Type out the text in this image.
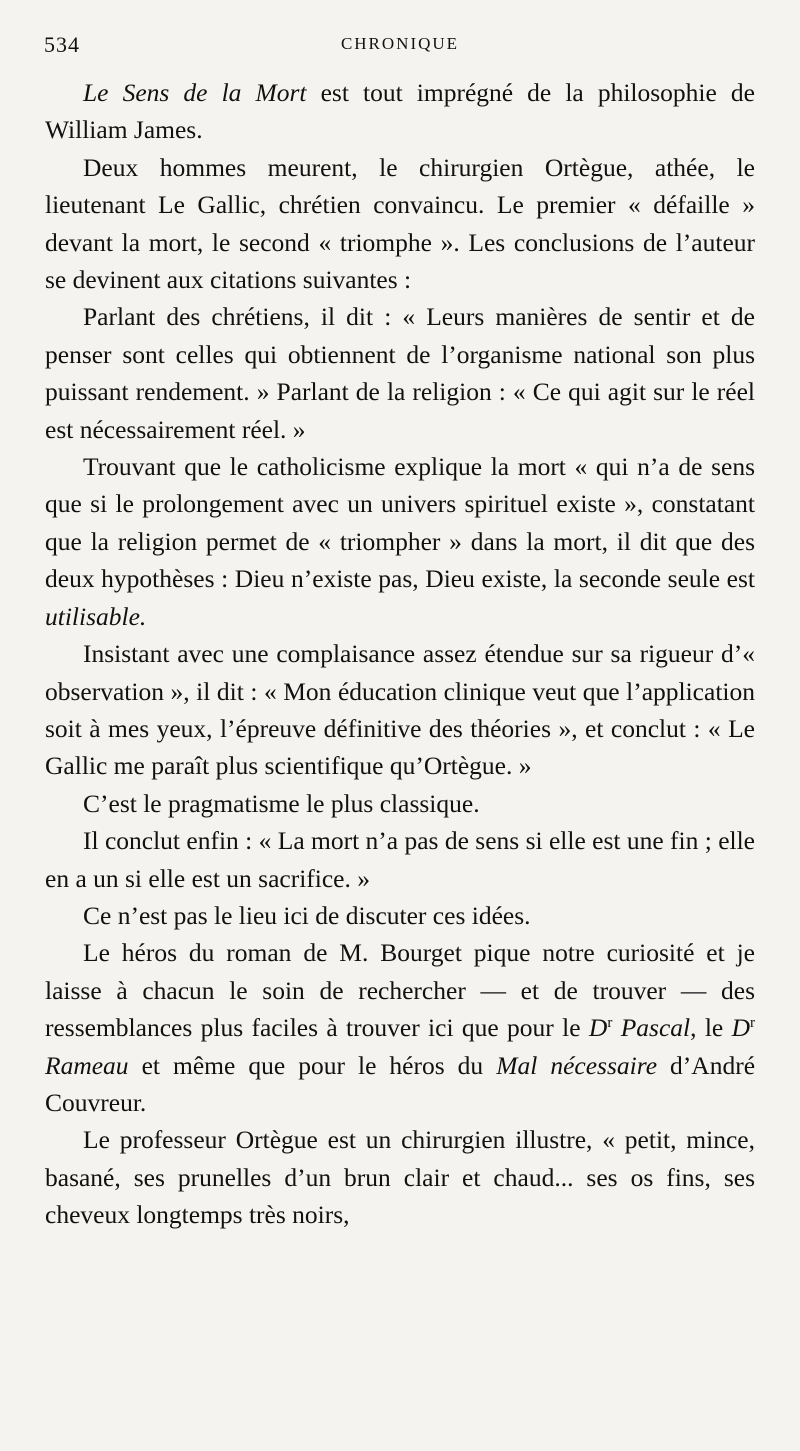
534	CHRONIQUE

Le Sens de la Mort est tout imprégné de la philosophie de William James.

Deux hommes meurent, le chirurgien Ortègue, athée, le lieutenant Le Gallic, chrétien convaincu. Le premier « défaille » devant la mort, le second « triomphe ». Les conclusions de l’auteur se devinent aux citations suivantes :

Parlant des chrétiens, il dit : « Leurs manières de sentir et de penser sont celles qui obtiennent de l’organisme national son plus puissant rendement. » Parlant de la religion : « Ce qui agit sur le réel est nécessairement réel. »

Trouvant que le catholicisme explique la mort « qui n’a de sens que si le prolongement avec un univers spirituel existe », constatant que la religion permet de « triompher » dans la mort, il dit que des deux hypothèses : Dieu n’existe pas, Dieu existe, la seconde seule est utilisable.

Insistant avec une complaisance assez étendue sur sa rigueur d’« observation », il dit : « Mon éducation clinique veut que l’application soit à mes yeux, l’épreuve définitive des théories », et conclut : « Le Gallic me paraît plus scientifique qu’Ortègue. »

C’est le pragmatisme le plus classique.

Il conclut enfin : « La mort n’a pas de sens si elle est une fin ; elle en a un si elle est un sacrifice. »

Ce n’est pas le lieu ici de discuter ces idées.

Le héros du roman de M. Bourget pique notre curiosité et je laisse à chacun le soin de rechercher — et de trouver — des ressemblances plus faciles à trouver ici que pour le $D^r$ Pascal, le $D^r$ Rameau et même que pour le héros du Mal nécessaire d’André Couvreur.

Le professeur Ortègue est un chirurgien illustre, « petit, mince, basané, ses prunelles d’un brun clair et chaud... ses os fins, ses cheveux longtemps très noirs,
